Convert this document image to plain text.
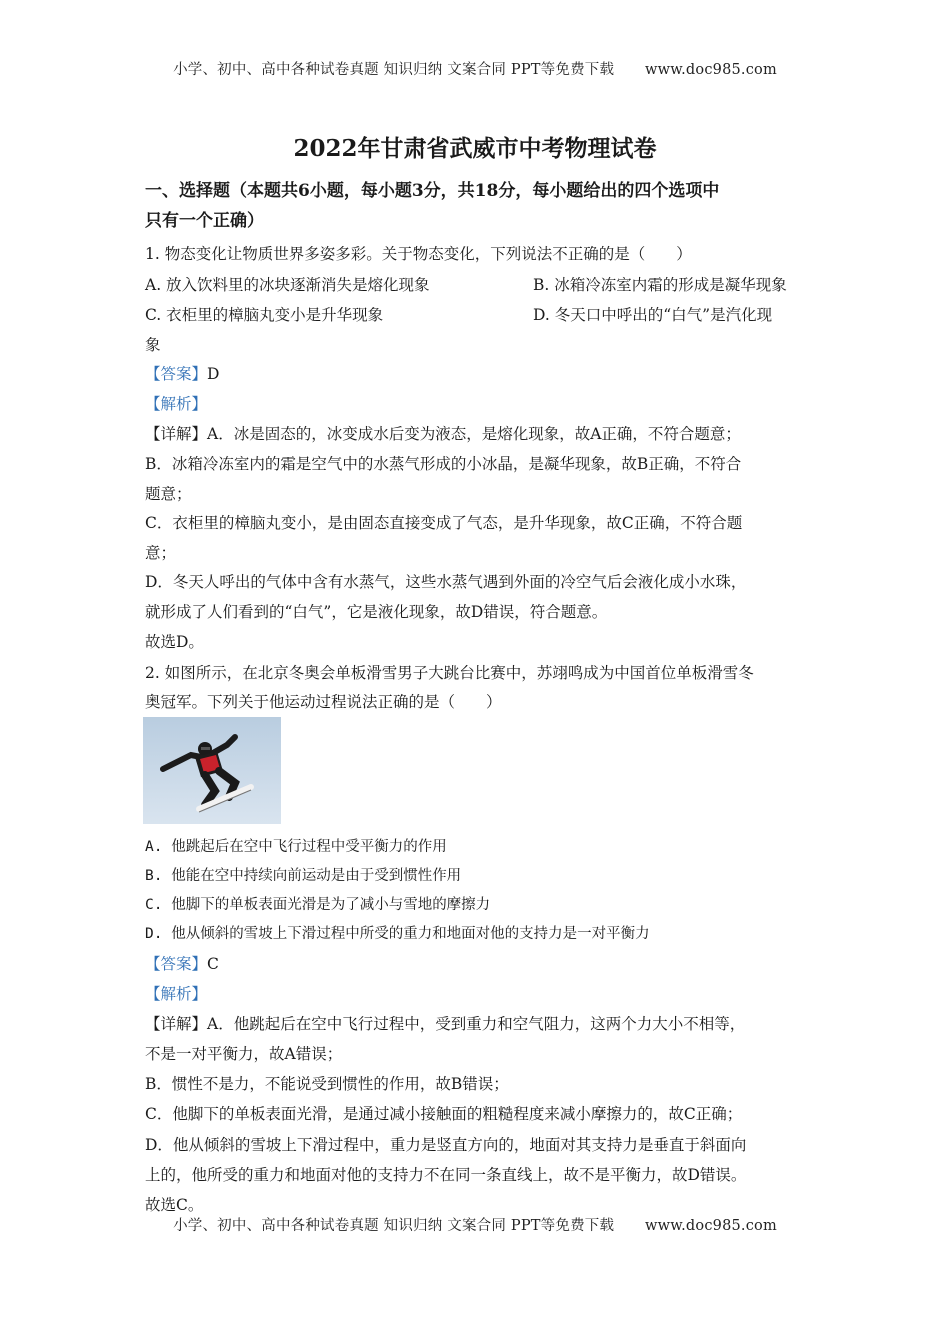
小学、初中、高中各种试卷真题 知识归纳 文案合同 PPT等免费下载 www.doc985.com
2022年甘肃省武威市中考物理试卷
一、选择题（本题共6小题，每小题3分，共18分，每小题给出的四个选项中
只有一个正确）
1. 物态变化让物质世界多姿多彩。关于物态变化，下列说法不正确的是（　　）
A. 放入饮料里的冰块逐渐消失是熔化现象	B. 冰箱冷冻室内霜的形成是凝华现象
C. 衣柜里的樟脑丸变小是升华现象	D. 冬天口中呼出的“白气”是汽化现
象
【答案】D
【解析】
【详解】A．冰是固态的，冰变成水后变为液态，是熔化现象，故A正确，不符合题意；
B．冰箱冷冻室内的霜是空气中的水蒸气形成的小冰晶，是凝华现象，故B正确，不符合
题意；
C．衣柜里的樟脑丸变小，是由固态直接变成了气态，是升华现象，故C正确，不符合题
意；
D．冬天人呼出的气体中含有水蒸气，这些水蒸气遇到外面的冷空气后会液化成小水珠，
就形成了人们看到的“白气”，它是液化现象，故D错误，符合题意。
故选D。
2. 如图所示，在北京冬奥会单板滑雪男子大跳台比赛中，苏翊鸣成为中国首位单板滑雪冬
奥冠军。下列关于他运动过程说法正确的是（　　）
A. 他跳起后在空中飞行过程中受平衡力的作用
B. 他能在空中持续向前运动是由于受到惯性作用
C. 他脚下的单板表面光滑是为了减小与雪地的摩擦力
D. 他从倾斜的雪坡上下滑过程中所受的重力和地面对他的支持力是一对平衡力
【答案】C
【解析】
【详解】A．他跳起后在空中飞行过程中，受到重力和空气阻力，这两个力大小不相等，
不是一对平衡力，故A错误；
B．惯性不是力，不能说受到惯性的作用，故B错误；
C．他脚下的单板表面光滑，是通过减小接触面的粗糙程度来减小摩擦力的，故C正确；
D．他从倾斜的雪坡上下滑过程中，重力是竖直方向的，地面对其支持力是垂直于斜面向
上的，他所受的重力和地面对他的支持力不在同一条直线上，故不是平衡力，故D错误。
故选C。
小学、初中、高中各种试卷真题 知识归纳 文案合同 PPT等免费下载 www.doc985.com
